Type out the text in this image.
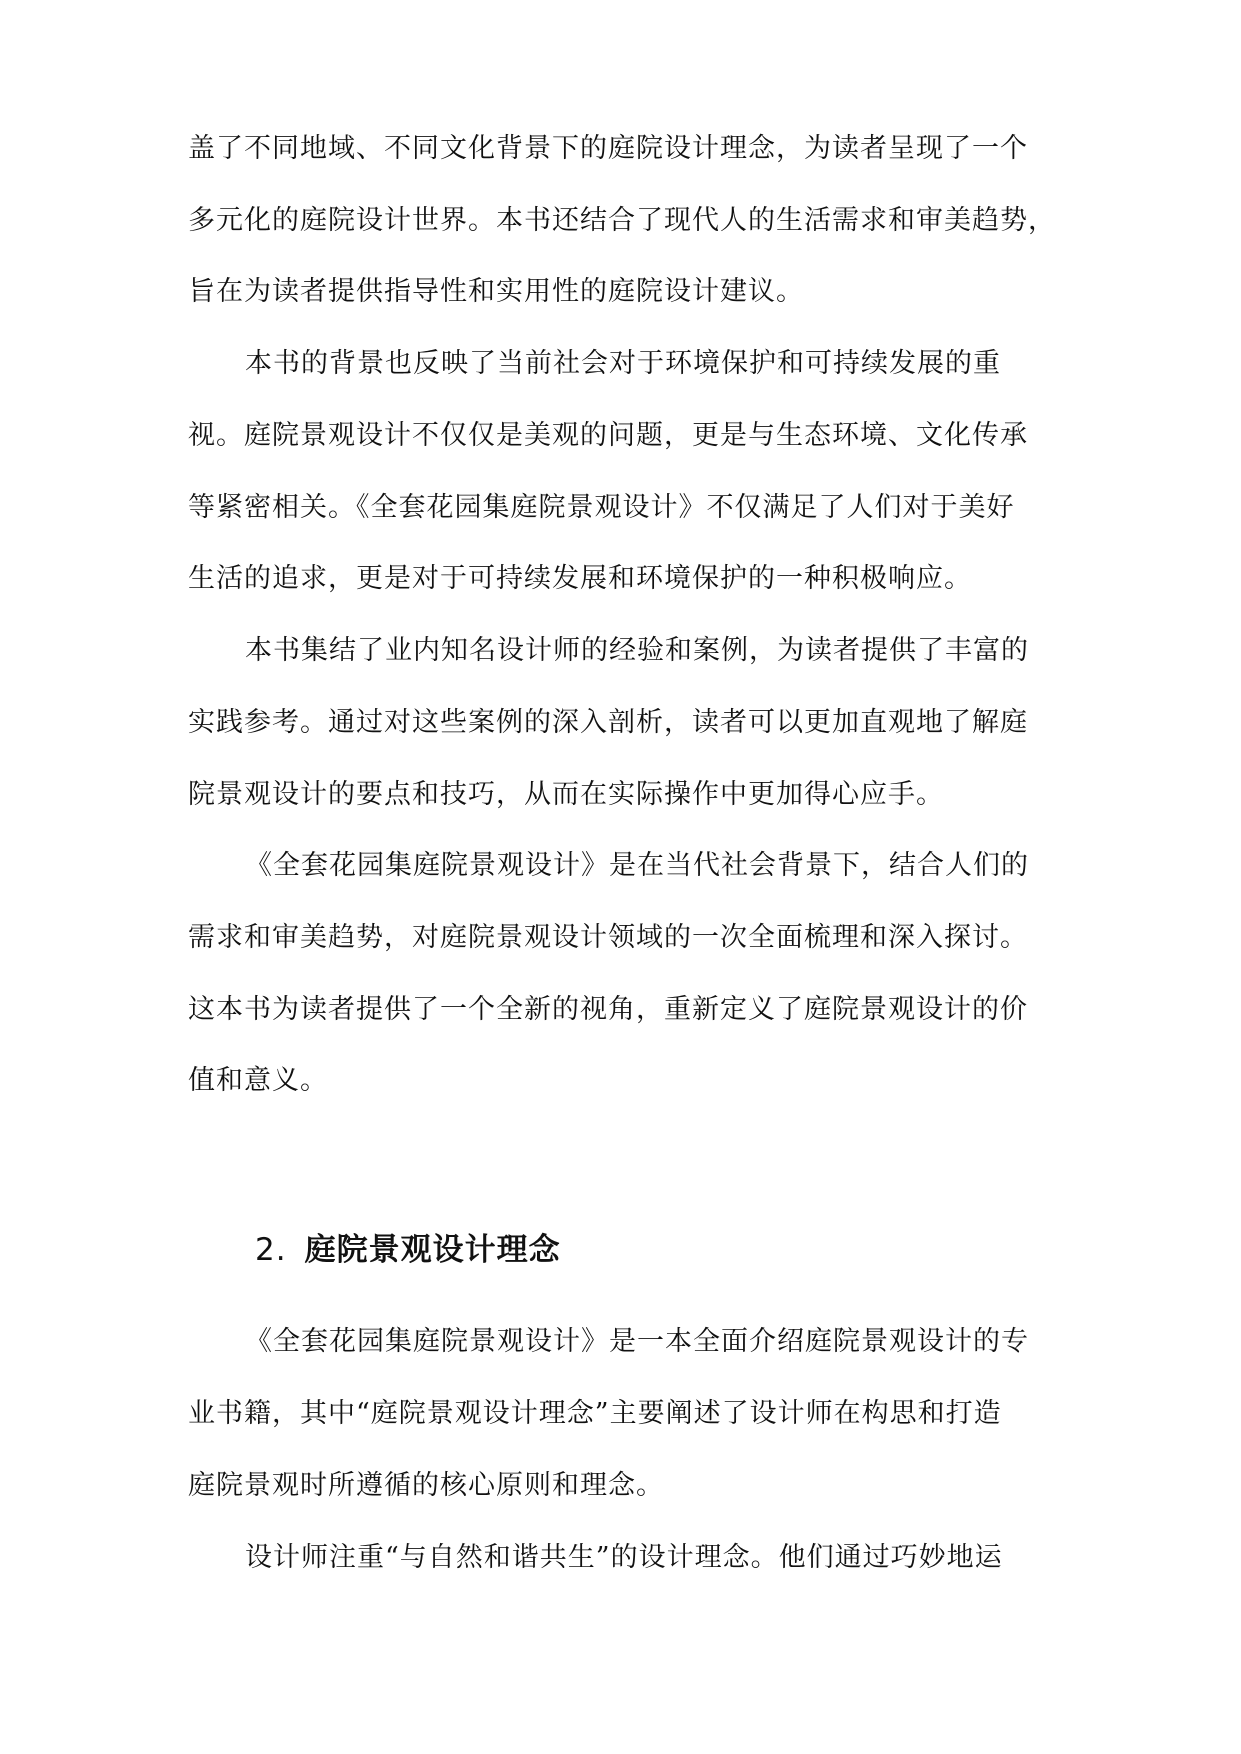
盖了不同地域、不同文化背景下的庭院设计理念，为读者呈现了一个

多元化的庭院设计世界。本书还结合了现代人的生活需求和审美趋势，

旨在为读者提供指导性和实用性的庭院设计建议。

本书的背景也反映了当前社会对于环境保护和可持续发展的重

视。庭院景观设计不仅仅是美观的问题，更是与生态环境、文化传承

等紧密相关。《全套花园集庭院景观设计》不仅满足了人们对于美好

生活的追求，更是对于可持续发展和环境保护的一种积极响应。

本书集结了业内知名设计师的经验和案例，为读者提供了丰富的

实践参考。通过对这些案例的深入剖析，读者可以更加直观地了解庭

院景观设计的要点和技巧，从而在实际操作中更加得心应手。

《全套花园集庭院景观设计》是在当代社会背景下，结合人们的

需求和审美趋势，对庭院景观设计领域的一次全面梳理和深入探讨。

这本书为读者提供了一个全新的视角，重新定义了庭院景观设计的价

值和意义。

2. 庭院景观设计理念

《全套花园集庭院景观设计》是一本全面介绍庭院景观设计的专

业书籍，其中“庭院景观设计理念”主要阐述了设计师在构思和打造

庭院景观时所遵循的核心原则和理念。

设计师注重“与自然和谐共生”的设计理念。他们通过巧妙地运
